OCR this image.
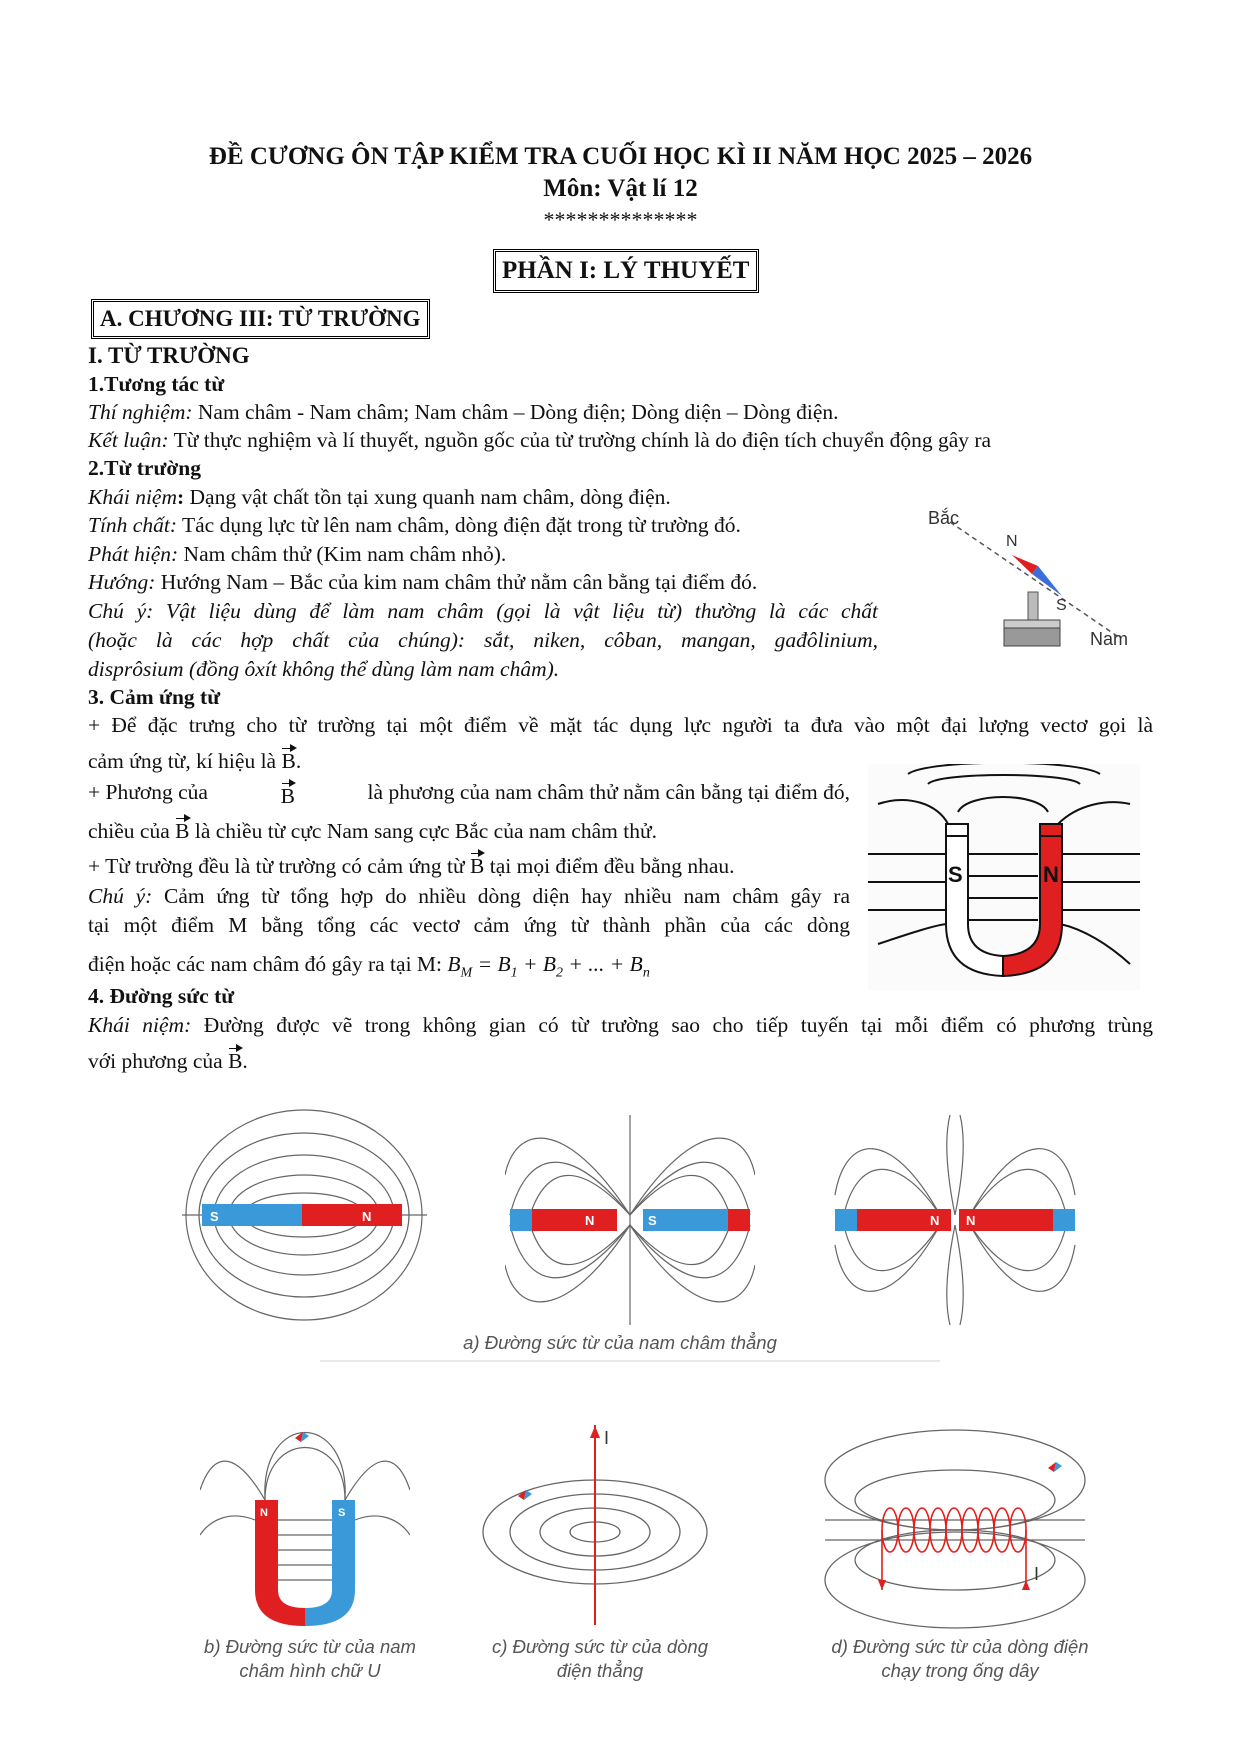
ĐỀ CƯƠNG ÔN TẬP KIỂM TRA CUỐI HỌC KÌ II NĂM HỌC 2025 – 2026
Môn: Vật lí 12
**************
PHẦN I: LÝ THUYẾT
A. CHƯƠNG III: TỪ TRƯỜNG
I. TỪ TRƯỜNG
1.Tương tác từ
Thí nghiệm: Nam châm - Nam châm; Nam châm – Dòng điện; Dòng diện – Dòng điện.
Kết luận: Từ thực nghiệm và lí thuyết, nguồn gốc của từ trường chính là do điện tích chuyển động gây ra
2.Từ trường
Khái niệm: Dạng vật chất tồn tại xung quanh nam châm, dòng điện.
Tính chất: Tác dụng lực từ lên nam châm, dòng điện đặt trong từ trường đó.
Phát hiện: Nam châm thử (Kim nam châm nhỏ).
Hướng: Hướng Nam – Bắc của kim nam châm thử nằm cân bằng tại điểm đó.
Chú ý: Vật liệu dùng để làm nam châm (gọi là vật liệu từ) thường là các chất
(hoặc là các hợp chất của chúng): sắt, niken, côban, mangan, gađôlinium,
disprôsium (đồng ôxít không thể dùng làm nam châm).
Bắc
N
S
Nam
3. Cảm ứng từ
+ Để đặc trưng cho từ trường tại một điểm về mặt tác dụng lực người ta đưa vào một đại lượng vectơ gọi là
cảm ứng từ, kí hiệu là B.
+ Phương của	B	là phương của nam châm thử nằm cân bằng tại điểm đó,
chiều của B là chiều từ cực Nam sang cực Bắc của nam châm thử.
+ Từ trường đều là từ trường có cảm ứng từ B tại mọi điểm đều bằng nhau.
Chú ý: Cảm ứng từ tổng hợp do nhiều dòng diện hay nhiều nam châm gây ra
tại một điểm M bằng tổng các vectơ cảm ứng từ thành phần của các dòng
điện hoặc các nam châm đó gây ra tại M: $B_M = B_1 + B_2$ + ... + $B_n$
S	N
4. Đường sức từ
Khái niệm: Đường được vẽ trong không gian có từ trường sao cho tiếp tuyến tại mỗi điểm có phương trùng
với phương của B.
S	N	N	S	N N
a) Đường sức từ của nam châm thẳng
N	S
b) Đường sức từ của nam
châm hình chữ U
I
c) Đường sức từ của dòng
điện thẳng
I
d) Đường sức từ của dòng điện
chạy trong ống dây
